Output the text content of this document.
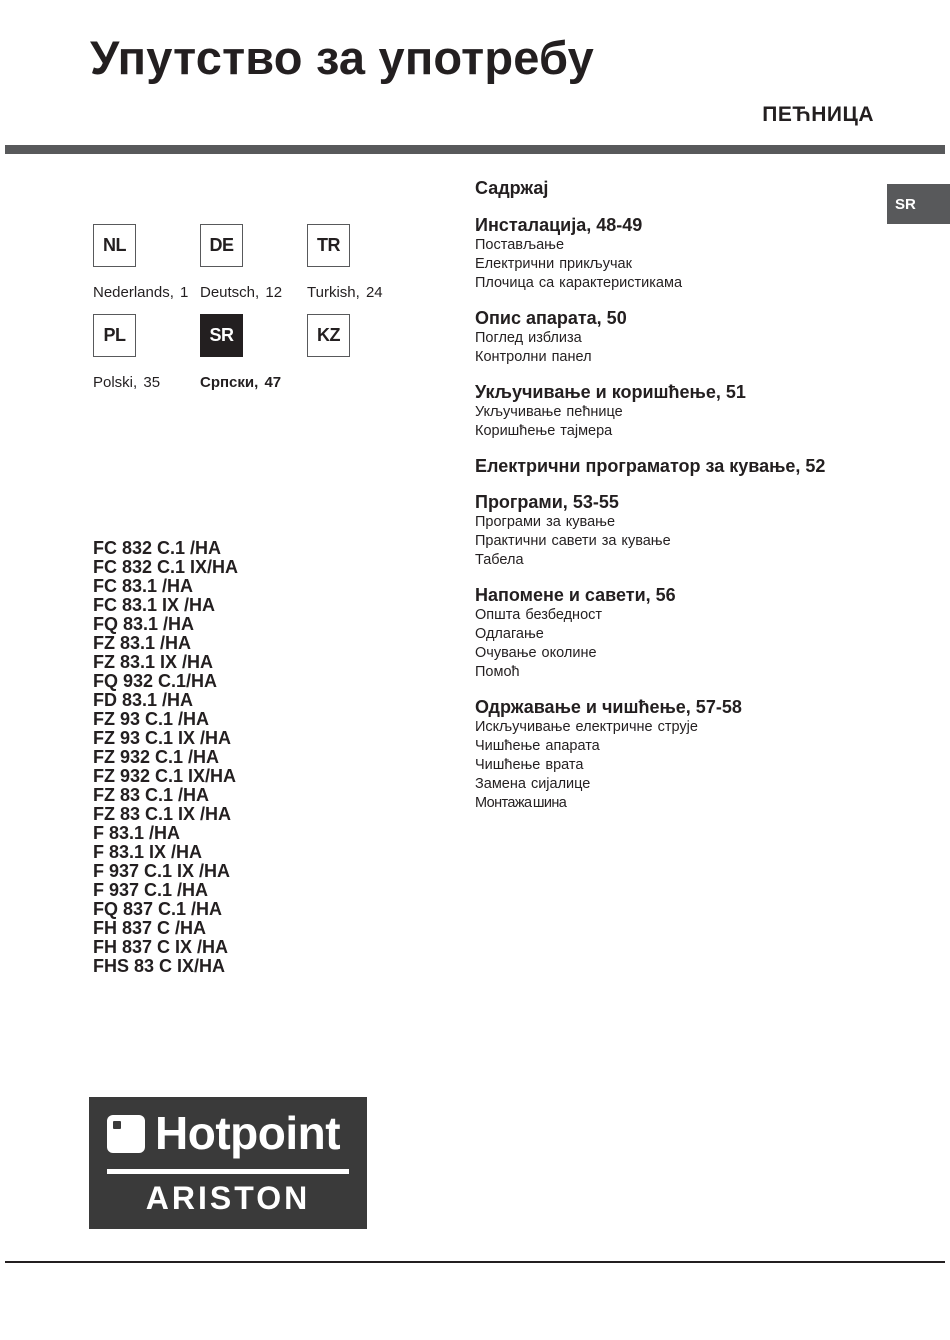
Упутство за употребу
ПЕЋНИЦА
SR
NL
Nederlands, 1
DE
Deutsch, 12
TR
Turkish, 24
PL
Polski, 35
SR
Српски, 47
KZ
FC 832 C.1 /HA
FC 832 C.1 IX/HA
FC 83.1 /HA
FC 83.1 IX /HA
FQ 83.1 /HA
FZ 83.1 /HA
FZ 83.1 IX /HA
FQ 932 C.1/HA
FD 83.1 /HA
FZ 93 C.1 /HA
FZ 93 C.1 IX /HA
FZ 932 C.1 /HA
FZ 932 C.1 IX/HA
FZ 83 C.1 /HA
FZ 83 C.1 IX /HA
F 83.1 /HA
F 83.1 IX /HA
F 937 C.1 IX /HA
F 937 C.1 /HA
FQ 837 C.1 /HA
FH 837 C /HA
FH 837 C IX /HA
FHS 83 C IX/HA
Садржај
Инсталација, 48-49
Постављање
Електрични прикључак
Плочица са карактеристикама
Опис апарата, 50
Поглед изблиза
Контролни панел
Укључивање и коришћење, 51
Укључивање пећнице
Коришћење тајмера
Електрични програматор за кување, 52
Програми, 53-55
Програми за кување
Практични савети за кување
Табела
Напомене и савети, 56
Општа безбедност
Одлагање
Очување околине
Помоћ
Одржавање и чишћење, 57-58
Искључивање електричне струје
Чишћење апарата
Чишћење врата
Замена сијалице
Монтажа шина
Hotpoint
ARISTON
